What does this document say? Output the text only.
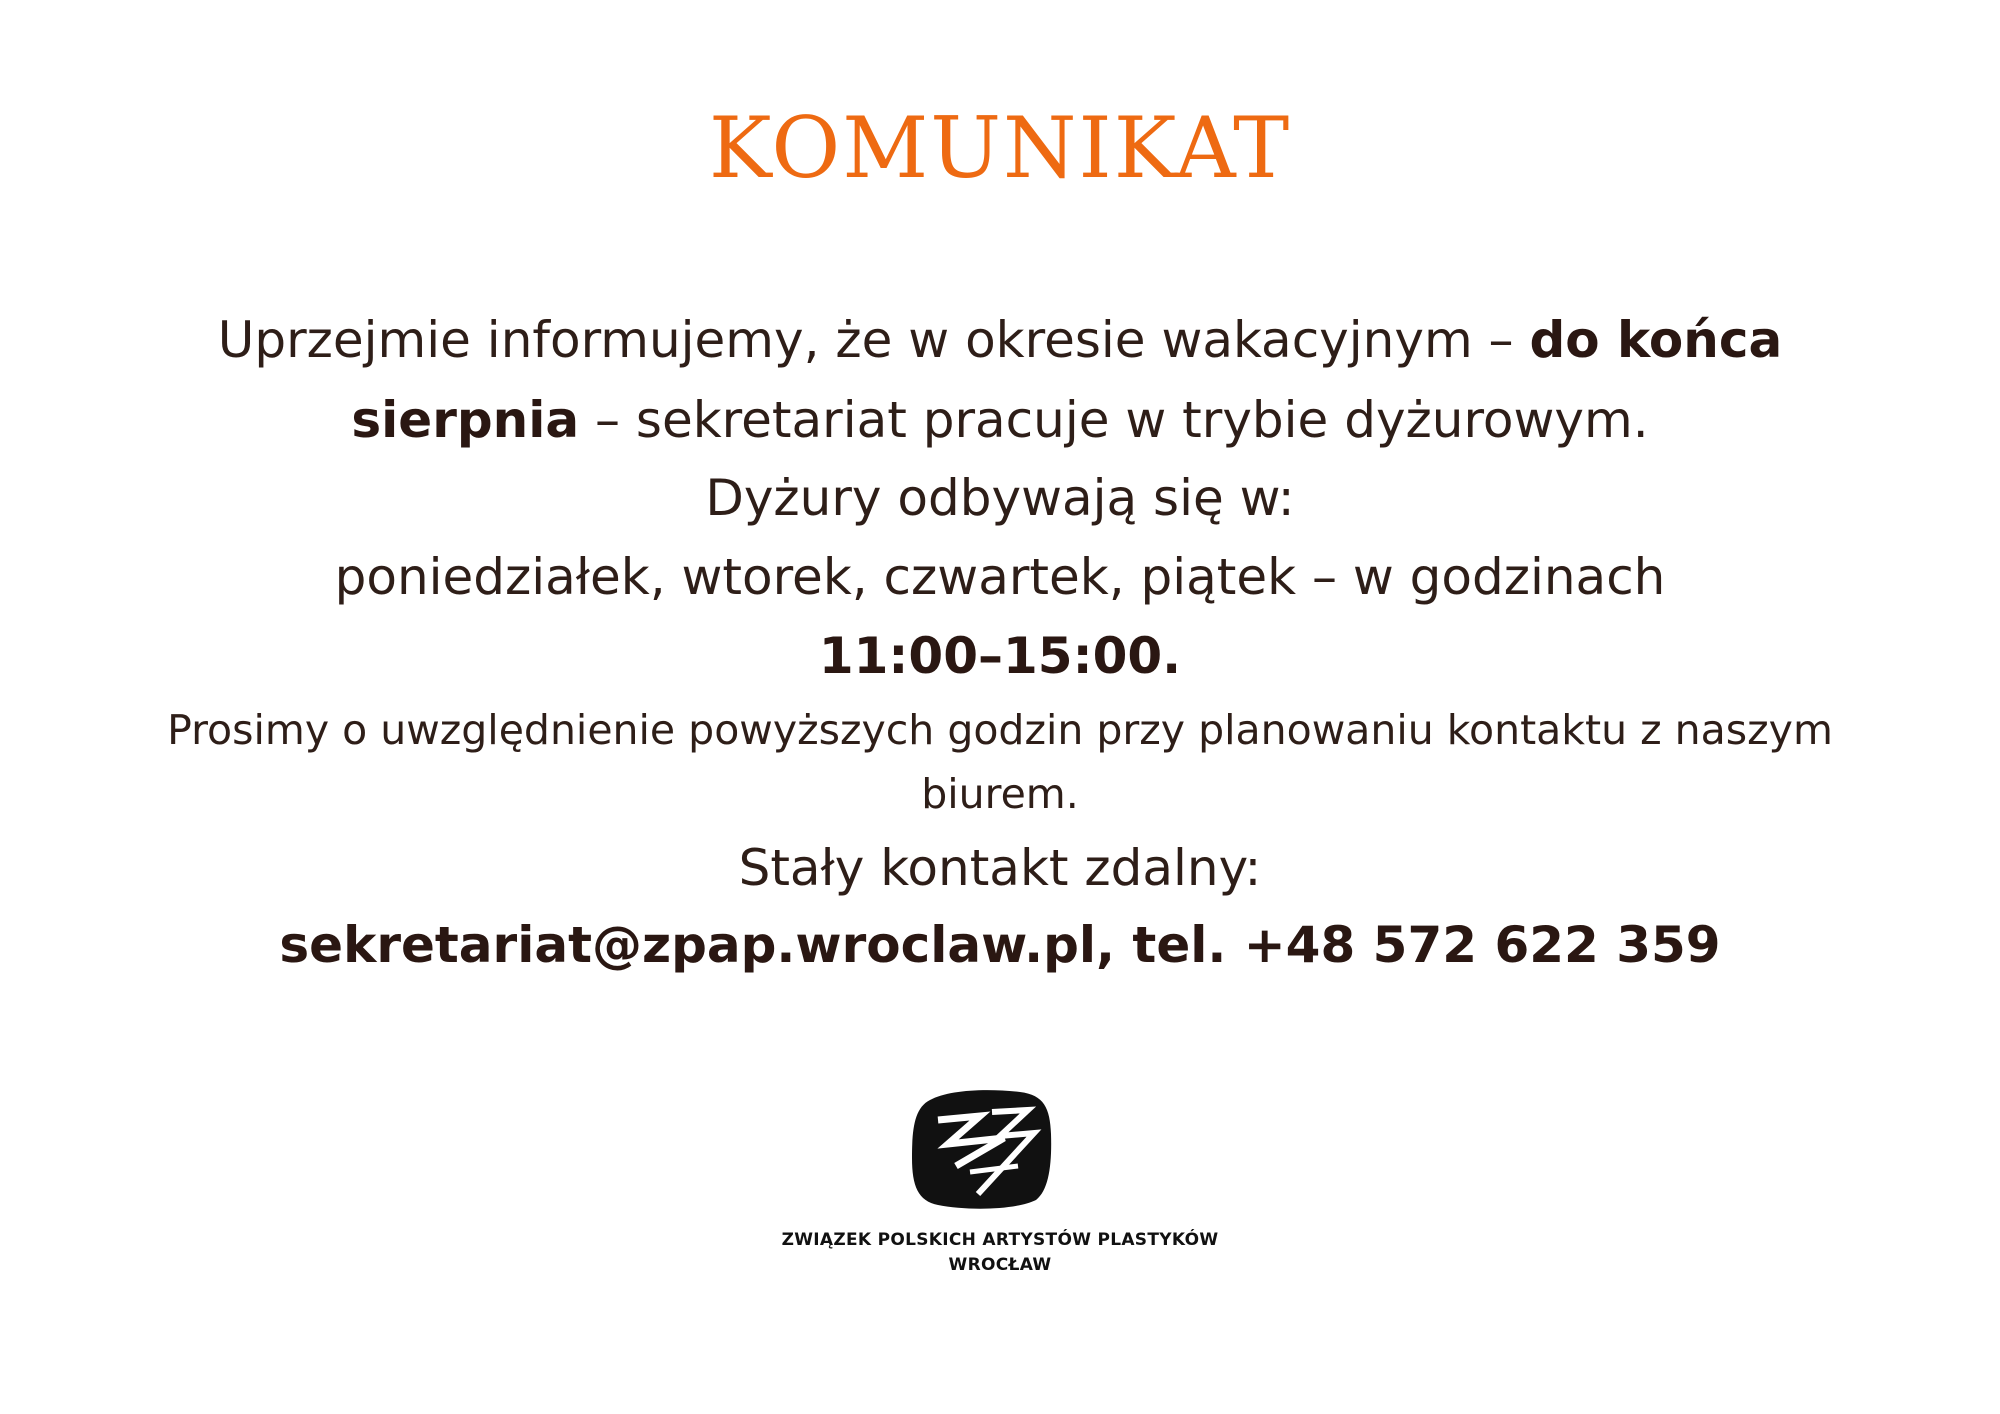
KOMUNIKAT
Uprzejmie informujemy, że w okresie wakacyjnym – do końca
sierpnia – sekretariat pracuje w trybie dyżurowym.
Dyżury odbywają się w:
poniedziałek, wtorek, czwartek, piątek – w godzinach
11:00–15:00.
Prosimy o uwzględnienie powyższych godzin przy planowaniu kontaktu z naszym
biurem.
Stały kontakt zdalny:
sekretariat@zpap.wroclaw.pl, tel. +48 572 622 359
ZWIĄZEK POLSKICH ARTYSTÓW PLASTYKÓW
WROCŁAW
